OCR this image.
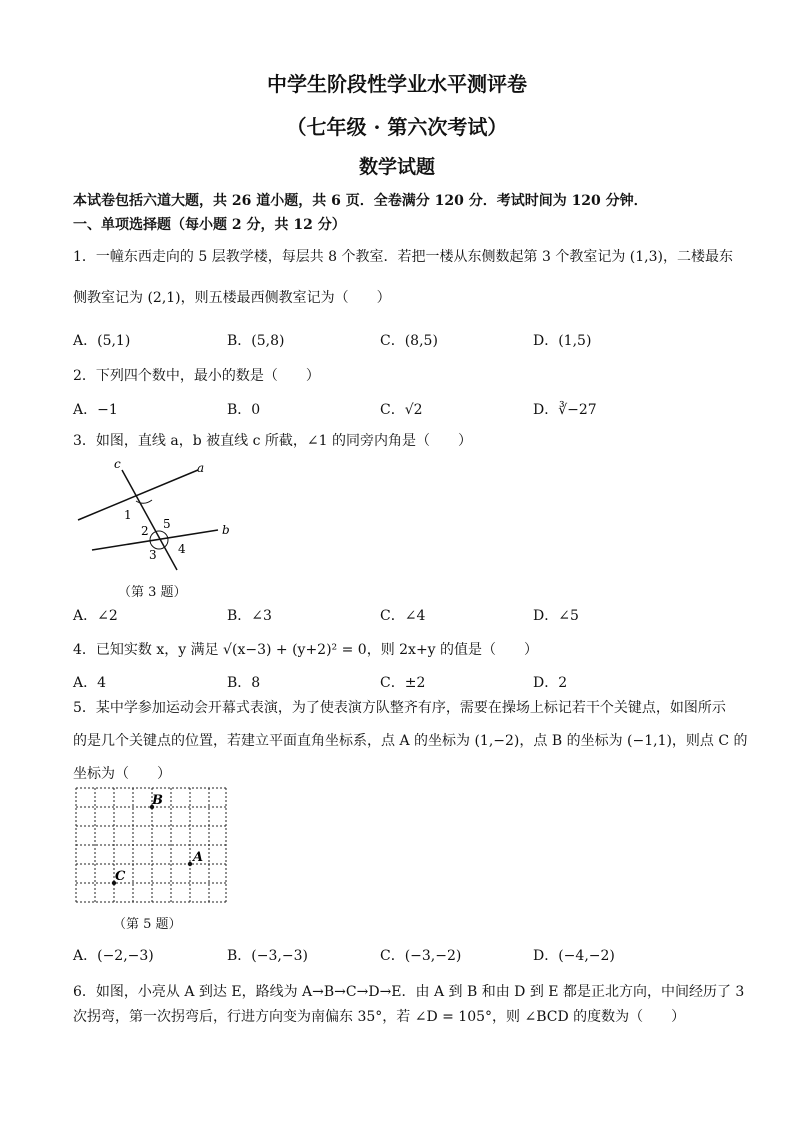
中学生阶段性学业水平测评卷
（七年级 · 第六次考试）
数学试题
本试卷包括六道大题，共 26 道小题，共 6 页．全卷满分 120 分．考试时间为 120 分钟．
一、单项选择题（每小题 2 分，共 12 分）
1．一幢东西走向的 5 层教学楼，每层共 8 个教室．若把一楼从东侧数起第 3 个教室记为 (1,3)，二楼最东
侧教室记为 (2,1)，则五楼最西侧教室记为（　　）
A．(5,1)	B．(5,8)	C．(8,5)	D．(1,5)
2．下列四个数中，最小的数是（　　）
A．−1	B．0	C．√2	D．∛−27
3．如图，直线 a，b 被直线 c 所截，∠1 的同旁内角是（　　）
c	a
b
1
2
3 4
5
（第 3 题）
A．∠2	B．∠3	C．∠4	D．∠5
4．已知实数 x，y 满足 √(x−3) + (y+2)² = 0，则 2x+y 的值是（　　）
A．4	B．8	C．±2	D．2
5．某中学参加运动会开幕式表演，为了使表演方队整齐有序，需要在操场上标记若干个关键点，如图所示
的是几个关键点的位置，若建立平面直角坐标系，点 A 的坐标为 (1,−2)，点 B 的坐标为 (−1,1)，则点 C 的
坐标为（　　）
B
A
C
（第 5 题）
A．(−2,−3)	B．(−3,−3)	C．(−3,−2)	D．(−4,−2)
6．如图，小亮从 A 到达 E，路线为 A→B→C→D→E．由 A 到 B 和由 D 到 E 都是正北方向，中间经历了 3
次拐弯，第一次拐弯后，行进方向变为南偏东 35°，若 ∠D = 105°，则 ∠BCD 的度数为（　　）
